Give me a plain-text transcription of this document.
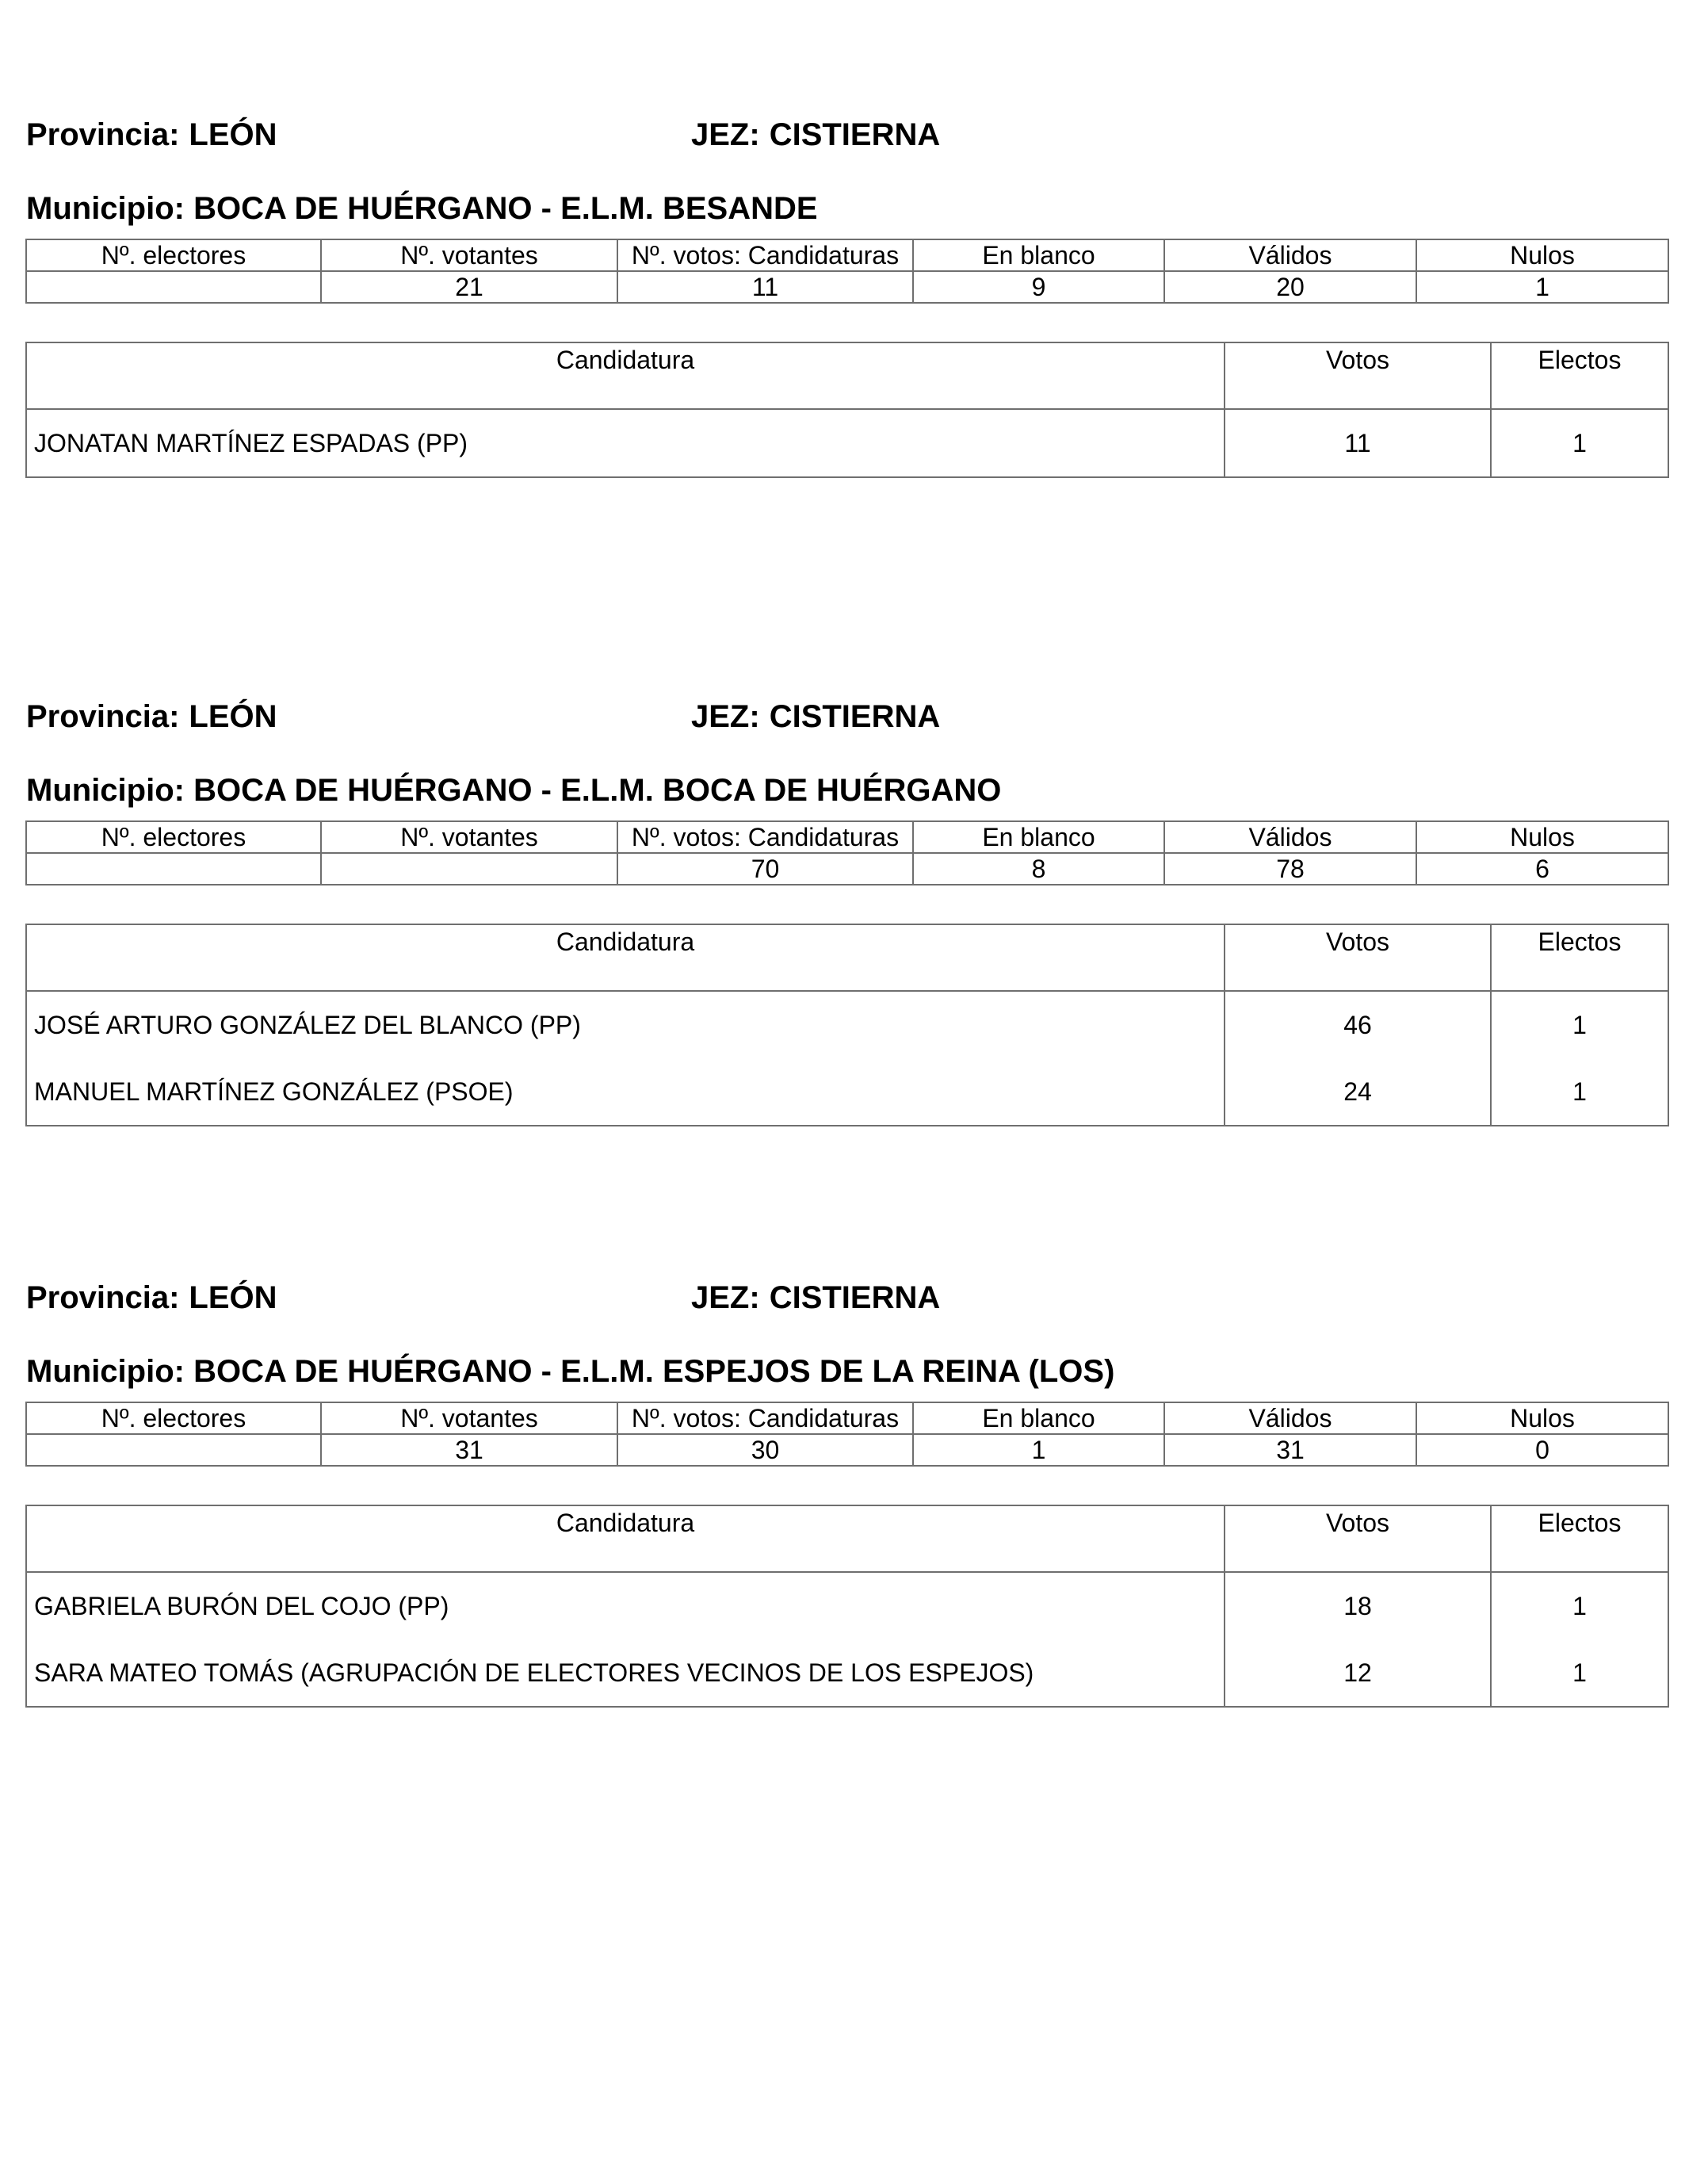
Provincia: LEÓN	JEZ: CISTIERNA
Municipio: BOCA DE HUÉRGANO - E.L.M. BESANDE
Nº. electores	Nº. votantes	Nº. votos: Candidaturas	En blanco	Válidos	Nulos
	21	11	9	20	1
Candidatura	Votos	Electos
JONATAN MARTÍNEZ ESPADAS (PP)	11	1
Provincia: LEÓN	JEZ: CISTIERNA
Municipio: BOCA DE HUÉRGANO - E.L.M. BOCA DE HUÉRGANO
Nº. electores	Nº. votantes	Nº. votos: Candidaturas	En blanco	Válidos	Nulos
		70	8	78	6
Candidatura	Votos	Electos
JOSÉ ARTURO GONZÁLEZ DEL BLANCO (PP)	46	1
MANUEL MARTÍNEZ GONZÁLEZ (PSOE)	24	1
Provincia: LEÓN	JEZ: CISTIERNA
Municipio: BOCA DE HUÉRGANO - E.L.M. ESPEJOS DE LA REINA (LOS)
Nº. electores	Nº. votantes	Nº. votos: Candidaturas	En blanco	Válidos	Nulos
	31	30	1	31	0
Candidatura	Votos	Electos
GABRIELA BURÓN DEL COJO (PP)	18	1
SARA MATEO TOMÁS (AGRUPACIÓN DE ELECTORES VECINOS DE LOS ESPEJOS)	12	1
